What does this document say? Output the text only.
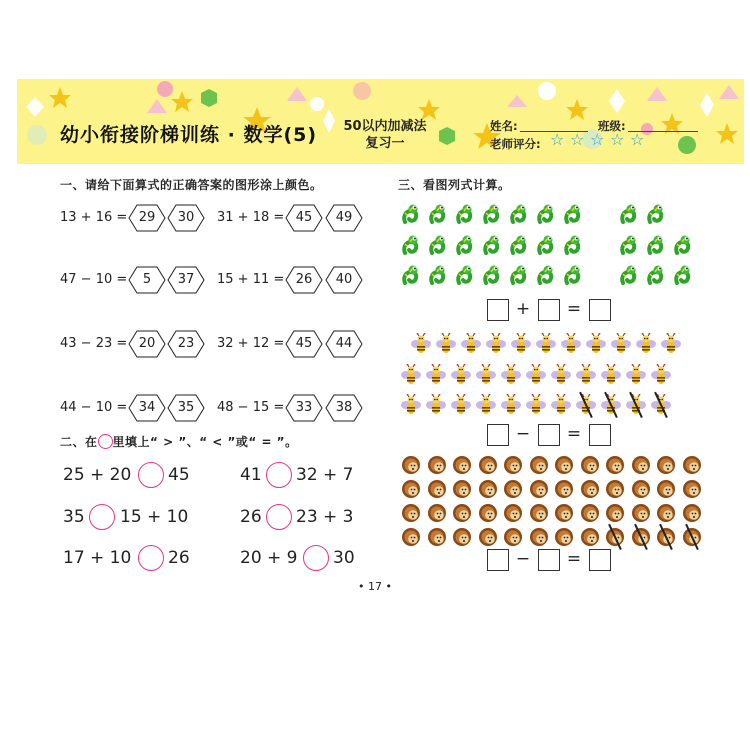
幼小衔接阶梯训练 · 数学(5)	50以内加减法
复习一
姓名:	班级:
老师评分: ☆ ☆ ☆ ☆ ☆
一、请给下面算式的正确答案的图形涂上颜色。
13 + 16 = 29	30	31 + 18 = 45	49
47 − 10 =	5	37	15 + 11 = 26	40
43 − 23 = 20	23	32 + 12 = 45	44
44 − 10 = 34	35	48 − 15 = 33	38
二、在 里填上“ > ”、“ < ”或“ = ”。
25 + 20 45	41 32 + 7
35 15 + 10	26 23 + 3
17 + 10 26	20 + 9 30
三、看图列式计算。
+ =
− =
− =
• 17 •
